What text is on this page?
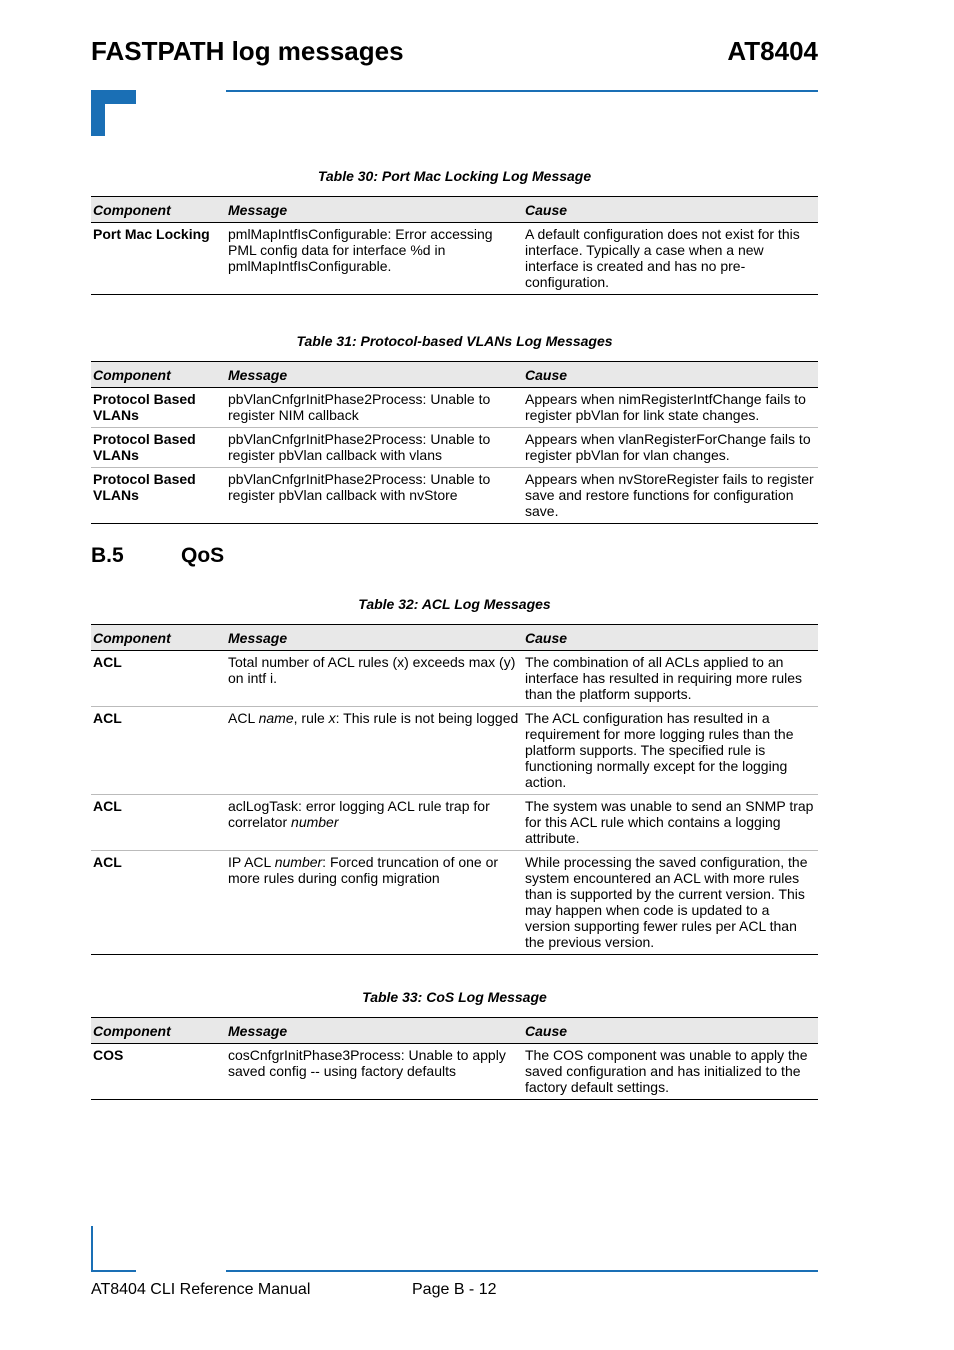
FASTPATH log messages	AT8404
Table 30: Port Mac Locking Log Message
Component	Message	Cause
Port Mac Locking	pmlMapIntfIsConfigurable: Error accessing PML config data for interface %d in pmlMapIntfIsConfigurable.	A default configuration does not exist for this interface. Typically a case when a new interface is created and has no pre-configuration.
Table 31: Protocol-based VLANs Log Messages
Component	Message	Cause
Protocol Based VLANs	pbVlanCnfgrInitPhase2Process: Unable to register NIM callback	Appears when nimRegisterIntfChange fails to register pbVlan for link state changes.
Protocol Based VLANs	pbVlanCnfgrInitPhase2Process: Unable to register pbVlan callback with vlans	Appears when vlanRegisterForChange fails to register pbVlan for vlan changes.
Protocol Based VLANs	pbVlanCnfgrInitPhase2Process: Unable to register pbVlan callback with nvStore	Appears when nvStoreRegister fails to register save and restore functions for configuration save.
B.5	QoS
Table 32: ACL Log Messages
Component	Message	Cause
ACL	Total number of ACL rules (x) exceeds max (y) on intf i.	The combination of all ACLs applied to an interface has resulted in requiring more rules than the platform supports.
ACL	ACL name, rule x: This rule is not being logged	The ACL configuration has resulted in a requirement for more logging rules than the platform supports. The specified rule is functioning normally except for the logging action.
ACL	aclLogTask: error logging ACL rule trap for correlator number	The system was unable to send an SNMP trap for this ACL rule which contains a logging attribute.
ACL	IP ACL number: Forced truncation of one or more rules during config migration	While processing the saved configuration, the system encountered an ACL with more rules than is supported by the current version. This may happen when code is updated to a version supporting fewer rules per ACL than the previous version.
Table 33: CoS Log Message
Component	Message	Cause
COS	cosCnfgrInitPhase3Process: Unable to apply saved config -- using factory defaults	The COS component was unable to apply the saved configuration and has initialized to the factory default settings.
AT8404 CLI Reference Manual	Page B - 12
